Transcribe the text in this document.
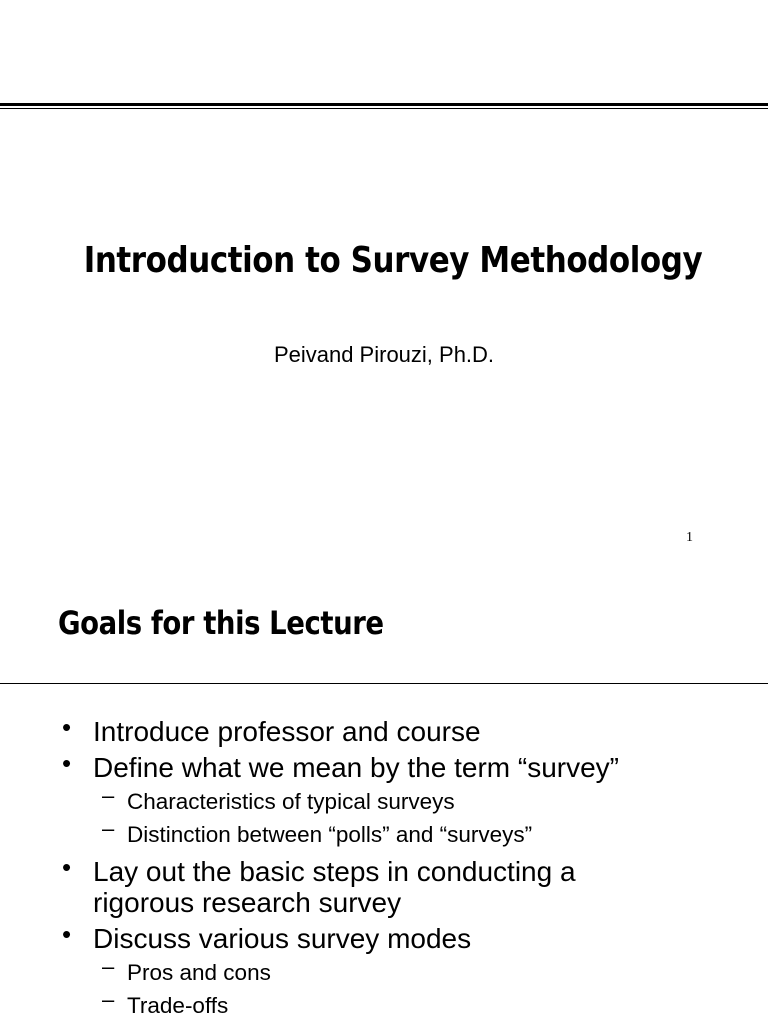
Introduction to Survey Methodology
Peivand Pirouzi, Ph.D.
1
Goals for this Lecture
• Introduce professor and course
• Define what we mean by the term “survey”
– Characteristics of typical surveys
– Distinction between “polls” and “surveys”
• Lay out the basic steps in conducting a rigorous research survey
• Discuss various survey modes
– Pros and cons
– Trade-offs
